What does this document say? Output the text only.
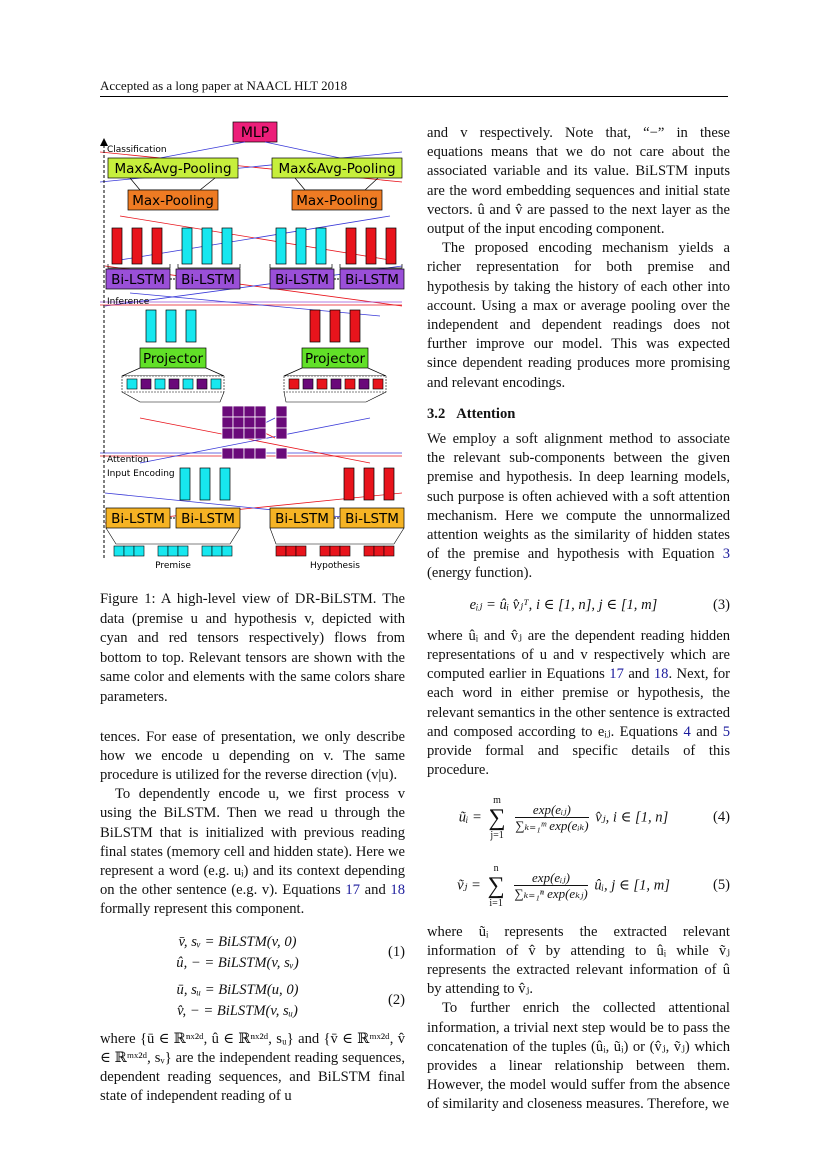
Accepted as a long paper at NAACL HLT 2018
Classification
Inference
Attention
Input Encoding
MLP
Max&Avg-Pooling	Max&Avg-Pooling
Max-Pooling	Max-Pooling
Bi-LSTM Bi-LSTM	Bi-LSTM Bi-LSTM
Projector	Projector
Bi-LSTM Bi-LSTM	Bi-LSTM Bi-LSTM
Premise	Hypothesis

Figure 1: A high-level view of DR-BiLSTM. The data (premise u and hypothesis v, depicted with cyan and red tensors respectively) flows from bottom to top. Relevant tensors are shown with the same color and elements with the same colors share parameters.

tences. For ease of presentation, we only describe how we encode u depending on v. The same procedure is utilized for the reverse direction (v|u).

To dependently encode u, we first process v using the BiLSTM. Then we read u through the BiLSTM that is initialized with previous reading final states (memory cell and hidden state). Here we represent a word (e.g. uᵢ) and its context depending on the other sentence (e.g. v). Equations 17 and 18 formally represent this component.

v̄, sᵥ = BiLSTM(v, 0)
û, − = BiLSTM(v, sᵥ)
(1)
ū, sᵤ = BiLSTM(u, 0)
v̂, − = BiLSTM(v, sᵤ)
(2)

where {ū ∈ ℝⁿˣ²ᵈ, û ∈ ℝⁿˣ²ᵈ, sᵤ} and {v̄ ∈ ℝᵐˣ²ᵈ, v̂ ∈ ℝᵐˣ²ᵈ, sᵥ} are the independent reading sequences, dependent reading sequences, and BiLSTM final state of independent reading of u

and v respectively. Note that, “−” in these equations means that we do not care about the associated variable and its value. BiLSTM inputs are the word embedding sequences and initial state vectors. û and v̂ are passed to the next layer as the output of the input encoding component.

The proposed encoding mechanism yields a richer representation for both premise and hypothesis by taking the history of each other into account. Using a max or average pooling over the independent and dependent readings does not further improve our model. This was expected since dependent reading produces more promising and relevant encodings.

3.2 Attention

We employ a soft alignment method to associate the relevant sub-components between the given premise and hypothesis. In deep learning models, such purpose is often achieved with a soft attention mechanism. Here we compute the unnormalized attention weights as the similarity of hidden states of the premise and hypothesis with Equation 3 (energy function).

eᵢⱼ = ûᵢ v̂ⱼᵀ, i ∈ [1, n], j ∈ [1, m]	(3)

where ûᵢ and v̂ⱼ are the dependent reading hidden representations of u and v respectively which are computed earlier in Equations 17 and 18. Next, for each word in either premise or hypothesis, the relevant semantics in the other sentence is extracted and composed according to eᵢⱼ. Equations 4 and 5 provide formal and specific details of this procedure.

ũᵢ =
m
∑
j=1

$\frac{\text{exp(eᵢⱼ)}}{\text{∑ₖ₌₁ᵐ exp(eᵢₖ)}}$ v̂ⱼ, i ∈ [1, n]	(4)
ṽⱼ =
n
∑
i=1

$\frac{\text{exp(eᵢⱼ)}}{\text{∑ₖ₌₁ⁿ exp(eₖⱼ)}}$ ûᵢ, j ∈ [1, m]	(5)

where ũᵢ represents the extracted relevant information of v̂ by attending to ûᵢ while ṽⱼ represents the extracted relevant information of û by attending to v̂ⱼ.

To further enrich the collected attentional information, a trivial next step would be to pass the concatenation of the tuples (ûᵢ, ũᵢ) or (v̂ⱼ, ṽⱼ) which provides a linear relationship between them. However, the model would suffer from the absence of similarity and closeness measures. Therefore, we
